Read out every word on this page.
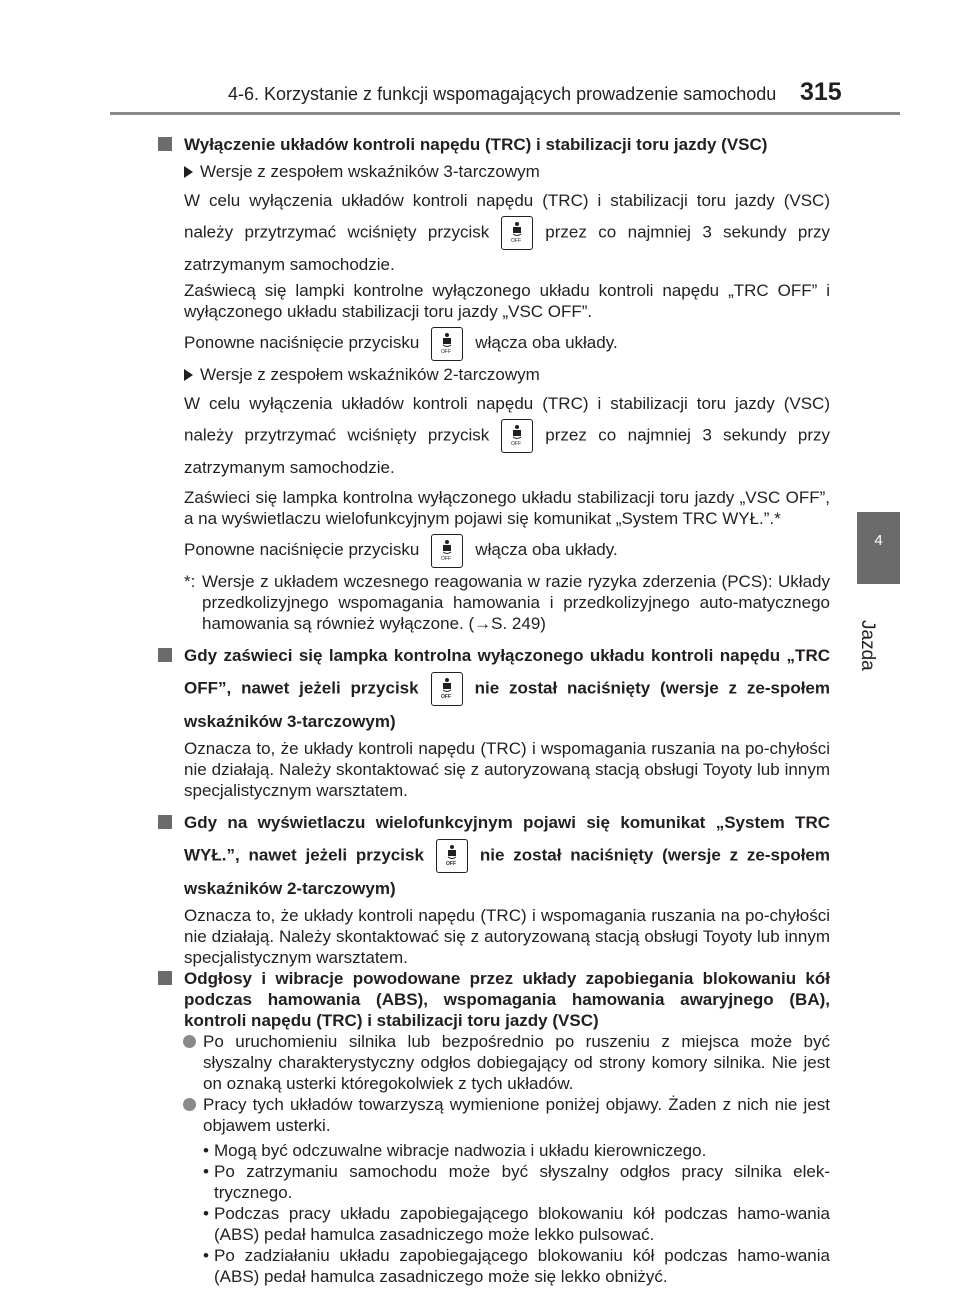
4-6. Korzystanie z funkcji wspomagających prowadzenie samochodu 315
4
Jazda

Wyłączenie układów kontroli napędu (TRC) i stabilizacji toru jazdy (VSC)

Wersje z zespołem wskaźników 3-tarczowym

W celu wyłączenia układów kontroli napędu (TRC) i stabilizacji toru jazdy (VSC) należy przytrzymać wciśnięty przycisk	OFF przez co najmniej 3 sekundy przy zatrzymanym samochodzie.

Zaświecą się lampki kontrolne wyłączonego układu kontroli napędu „TRC OFF” i wyłączonego układu stabilizacji toru jazdy „VSC OFF”.

Ponowne naciśnięcie przycisku	OFF włącza oba układy.

Wersje z zespołem wskaźników 2-tarczowym

W celu wyłączenia układów kontroli napędu (TRC) i stabilizacji toru jazdy (VSC) należy przytrzymać wciśnięty przycisk	OFF przez co najmniej 3 sekundy przy zatrzymanym samochodzie.

Zaświeci się lampka kontrolna wyłączonego układu stabilizacji toru jazdy „VSC OFF”, a na wyświetlaczu wielofunkcyjnym pojawi się komunikat „System TRC WYŁ.”.*

Ponowne naciśnięcie przycisku	OFF włącza oba układy.

*: Wersje z układem wczesnego reagowania w razie ryzyka zderzenia (PCS): Układy przedkolizyjnego wspomagania hamowania i przedkolizyjnego auto-matycznego hamowania są również wyłączone. (→S. 249)

Gdy zaświeci się lampka kontrolna wyłączonego układu kontroli napędu „TRC OFF”, nawet jeżeli przycisk	OFF nie został naciśnięty (wersje z ze-społem wskaźników 3-tarczowym)

Oznacza to, że układy kontroli napędu (TRC) i wspomagania ruszania na po-chyłości nie działają. Należy skontaktować się z autoryzowaną stacją obsługi Toyoty lub innym specjalistycznym warsztatem.

Gdy na wyświetlaczu wielofunkcyjnym pojawi się komunikat „System TRC WYŁ.”, nawet jeżeli przycisk	OFF nie został naciśnięty (wersje z ze-społem wskaźników 2-tarczowym)

Oznacza to, że układy kontroli napędu (TRC) i wspomagania ruszania na po-chyłości nie działają. Należy skontaktować się z autoryzowaną stacją obsługi Toyoty lub innym specjalistycznym warsztatem.

Odgłosy i wibracje powodowane przez układy zapobiegania blokowaniu kół podczas hamowania (ABS), wspomagania hamowania awaryjnego (BA), kontroli napędu (TRC) i stabilizacji toru jazdy (VSC)

Po uruchomieniu silnika lub bezpośrednio po ruszeniu z miejsca może być słyszalny charakterystyczny odgłos dobiegający od strony komory silnika. Nie jest on oznaką usterki któregokolwiek z tych układów.

Pracy tych układów towarzyszą wymienione poniżej objawy. Żaden z nich nie jest objawem usterki.

• Mogą być odczuwalne wibracje nadwozia i układu kierowniczego.

• Po zatrzymaniu samochodu może być słyszalny odgłos pracy silnika elek-trycznego.

• Podczas pracy układu zapobiegającego blokowaniu kół podczas hamo-wania (ABS) pedał hamulca zasadniczego może lekko pulsować.

• Po zadziałaniu układu zapobiegającego blokowaniu kół podczas hamo-wania (ABS) pedał hamulca zasadniczego może się lekko obniżyć.
